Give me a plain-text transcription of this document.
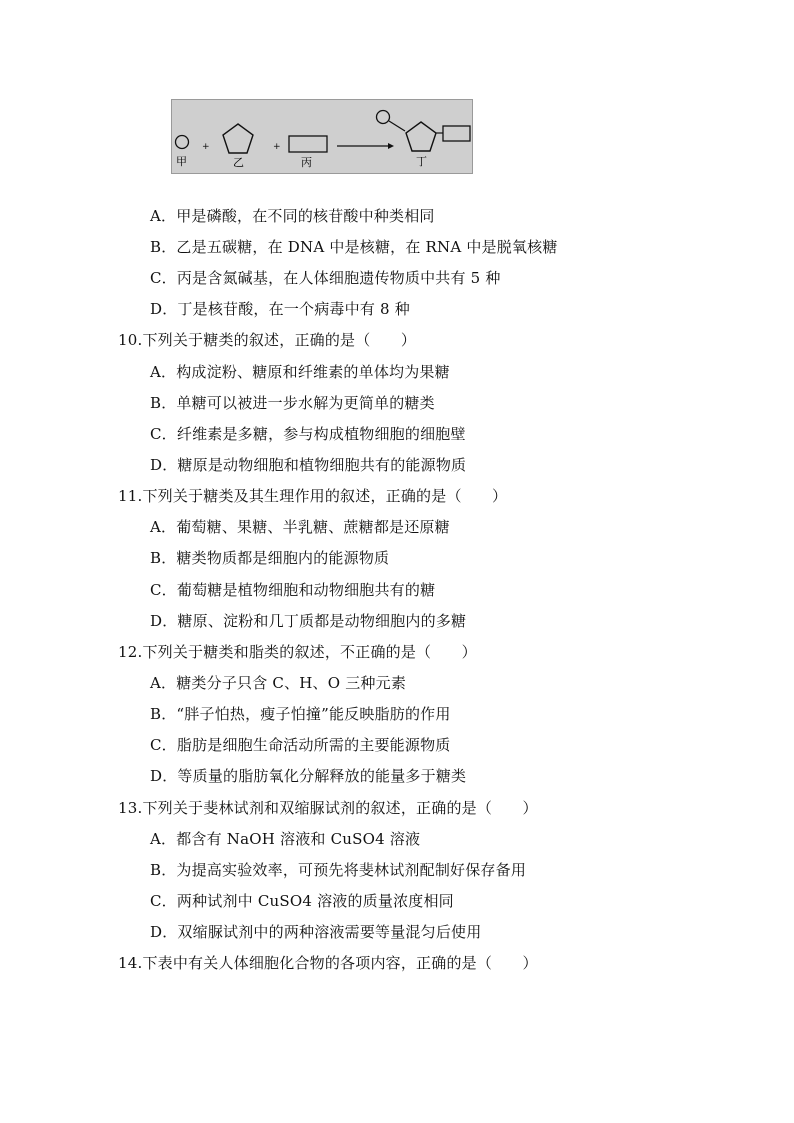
+	+
甲	乙	丙	丁
A．甲是磷酸，在不同的核苷酸中种类相同
B．乙是五碳糖，在 DNA 中是核糖，在 RNA 中是脱氧核糖
C．丙是含氮碱基，在人体细胞遗传物质中共有 5 种
D．丁是核苷酸，在一个病毒中有 8 种
10.下列关于糖类的叙述，正确的是（　　）
A．构成淀粉、糖原和纤维素的单体均为果糖
B．单糖可以被进一步水解为更简单的糖类
C．纤维素是多糖，参与构成植物细胞的细胞壁
D．糖原是动物细胞和植物细胞共有的能源物质
11.下列关于糖类及其生理作用的叙述，正确的是（　　）
A．葡萄糖、果糖、半乳糖、蔗糖都是还原糖
B．糖类物质都是细胞内的能源物质
C．葡萄糖是植物细胞和动物细胞共有的糖
D．糖原、淀粉和几丁质都是动物细胞内的多糖
12.下列关于糖类和脂类的叙述，不正确的是（　　）
A．糖类分子只含 C、H、O 三种元素
B．“胖子怕热，瘦子怕撞”能反映脂肪的作用
C．脂肪是细胞生命活动所需的主要能源物质
D．等质量的脂肪氧化分解释放的能量多于糖类
13.下列关于斐林试剂和双缩脲试剂的叙述，正确的是（　　）
A．都含有 NaOH 溶液和 CuSO4 溶液
B．为提高实验效率，可预先将斐林试剂配制好保存备用
C．两种试剂中 CuSO4 溶液的质量浓度相同
D．双缩脲试剂中的两种溶液需要等量混匀后使用
14.下表中有关人体细胞化合物的各项内容，正确的是（　　）
